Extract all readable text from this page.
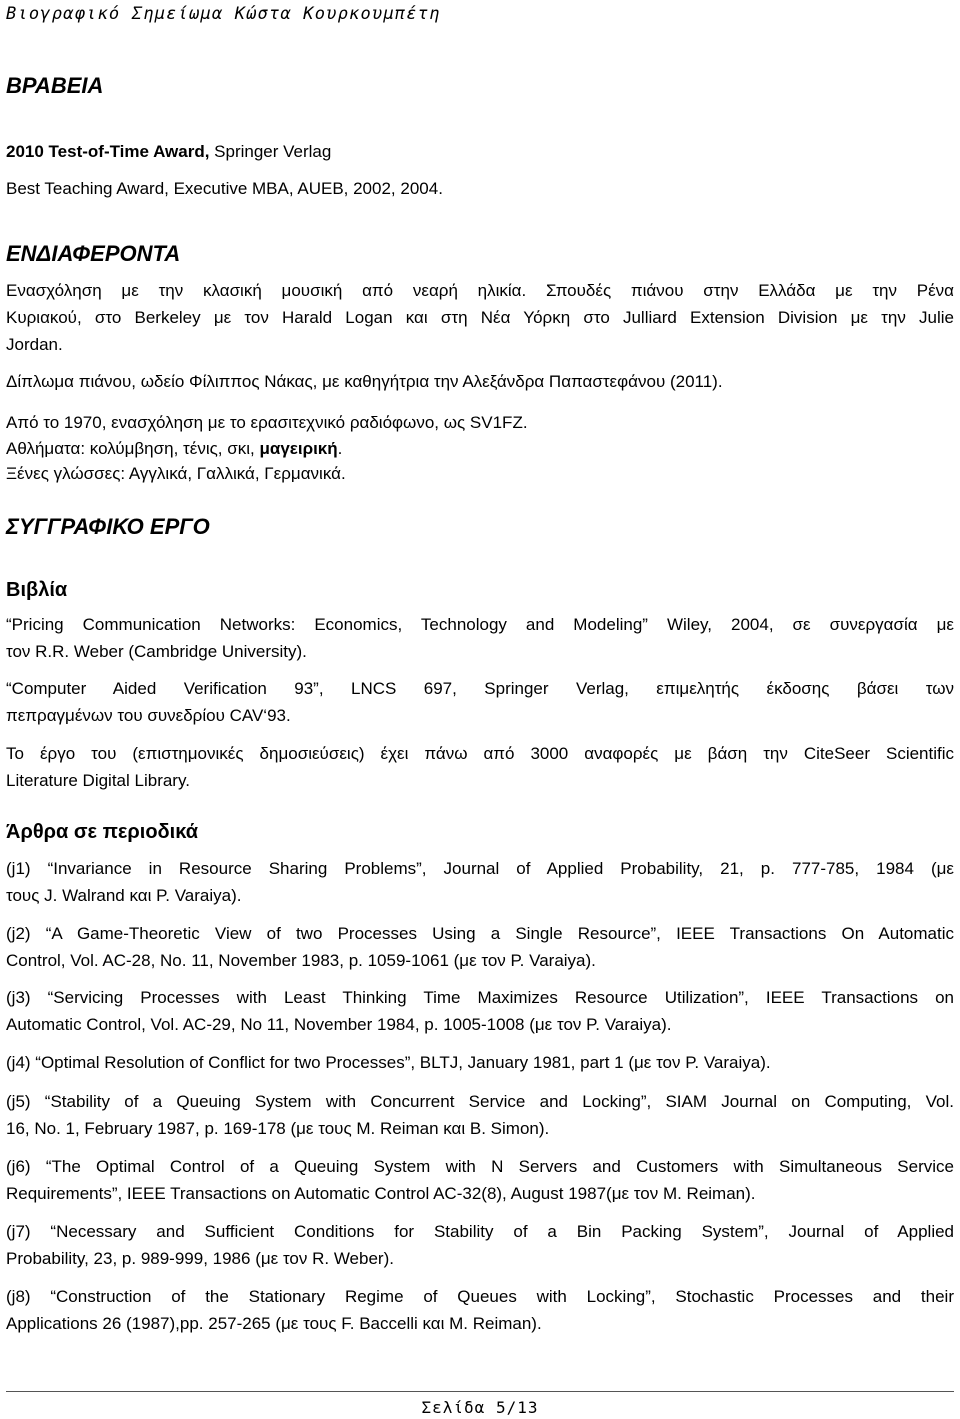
Βιογραφικό Σημείωμα Κώστα Κουρκουμπέτη
ΒΡΑΒΕΙΑ
2010 Test-of-Time Award, Springer Verlag
Best Teaching Award, Executive MBA, AUEB, 2002, 2004.
ΕΝΔΙΑΦΕΡΟΝΤΑ
Ενασχόληση με την κλασική μουσική από νεαρή ηλικία. Σπουδές πιάνου στην Ελλάδα με την Ρένα
Κυριακού, στο Berkeley με τον Harald Logan και στη Νέα Υόρκη στο Julliard Extension Division με την Julie
Jordan.
Δίπλωμα πιάνου, ωδείο Φίλιππος Νάκας, με καθηγήτρια την Αλεξάνδρα Παπαστεφάνου (2011).
Από το 1970, ενασχόληση με το ερασιτεχνικό ραδιόφωνο, ως SV1FZ.
Αθλήματα: κολύμβηση, τένις, σκι, μαγειρική.
Ξένες γλώσσες: Αγγλικά, Γαλλικά, Γερμανικά.
ΣΥΓΓΡΑΦΙΚΟ ΕΡΓΟ
Βιβλία
“Pricing Communication Networks: Economics, Technology and Modeling” Wiley, 2004, σε συνεργασία με
τον R.R. Weber (Cambridge University).
“Computer Aided Verification 93”, LNCS 697, Springer Verlag, επιμελητής έκδοσης βάσει των
πεπραγμένων του συνεδρίου CAV‘93.
Το έργο του (επιστημονικές δημοσιεύσεις) έχει πάνω από 3000 αναφορές με βάση την CiteSeer Scientific
Literature Digital Library.
Άρθρα σε περιοδικά
(j1) “Invariance in Resource Sharing Problems”, Journal of Applied Probability, 21, p. 777-785, 1984 (με
τους J. Walrand και P. Varaiya).
(j2) “A Game-Theoretic View of two Processes Using a Single Resource”, IEEE Transactions On Automatic
Control, Vol. AC-28, No. 11, November 1983, p. 1059-1061 (με τον P. Varaiya).
(j3) “Servicing Processes with Least Thinking Time Maximizes Resource Utilization”, IEEE Transactions on
Automatic Control, Vol. AC-29, No 11, November 1984, p. 1005-1008 (με τον P. Varaiya).
(j4) “Optimal Resolution of Conflict for two Processes”, BLTJ, January 1981, part 1 (με τον P. Varaiya).
(j5) “Stability of a Queuing System with Concurrent Service and Locking”, SIAM Journal on Computing, Vol.
16, No. 1, February 1987, p. 169-178 (με τους M. Reiman και B. Simon).
(j6) “The Optimal Control of a Queuing System with N Servers and Customers with Simultaneous Service
Requirements”, IEEE Transactions on Automatic Control AC-32(8), August 1987(με τον M. Reiman).
(j7) “Necessary and Sufficient Conditions for Stability of a Bin Packing System”, Journal of Applied
Probability, 23, p. 989-999, 1986 (με τον R. Weber).
(j8) “Construction of the Stationary Regime of Queues with Locking”, Stochastic Processes and their
Applications 26 (1987),pp. 257-265 (με τους F. Baccelli και M. Reiman).
Σελίδα 5/13
